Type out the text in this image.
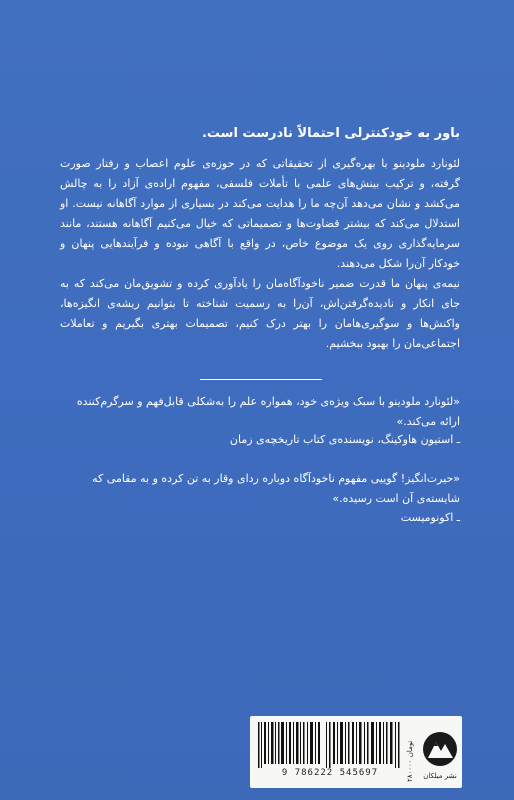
باور به خودکنترلی احتمالاً نادرست است.
لئونارد ملودینو با بهره‌گیری از تحقیقاتی که در حوزه‌ی علوم اعصاب و رفتار صورت گرفته، و ترکیب بینش‌های علمی با تأملات فلسفی، مفهوم اراده‌ی آزاد را به چالش می‌کشد و نشان می‌دهد آن‌چه ما را هدایت می‌کند در بسیاری از موارد آگاهانه نیست. او استدلال می‌کند که بیشتر قضاوت‌ها و تصمیماتی که خیال می‌کنیم آگاهانه هستند، مانند سرمایه‌گذاری روی یک موضوع خاص، در واقع با آگاهی نبوده و فرآیندهایی پنهان و خودکار آن‌را شکل می‌دهند.
نیمه‌ی پنهان ما قدرت ضمیر ناخودآگاه‌مان را یادآوری کرده و تشویق‌مان می‌کند که به جای انکار و نادیده‌گرفتن‌اش، آن‌را به رسمیت شناخته تا بتوانیم ریشه‌ی انگیزه‌ها، واکنش‌ها و سوگیری‌هامان را بهتر درک کنیم، تصمیمات بهتری بگیریم و تعاملات اجتماعی‌مان را بهبود ببخشیم.
«لئونارد ملودینو با سبک ویژه‌ی خود، همواره علم را به‌شکلی قابل‌فهم و سرگرم‌کننده ارائه می‌کند.»
ـ استیون هاوکینگ، نویسنده‌ی کتاب تاریخچه‌ی زمان
«حیرت‌انگیز! گوییی مفهوم ناخودآگاه دوباره ردای وقار به تن کرده و به مقامی که شایسته‌ی آن است رسیده.»
ـ اکونومیست
9 786222 545697	۲۸۰۰۰۰ تومان
نشر میلکان
